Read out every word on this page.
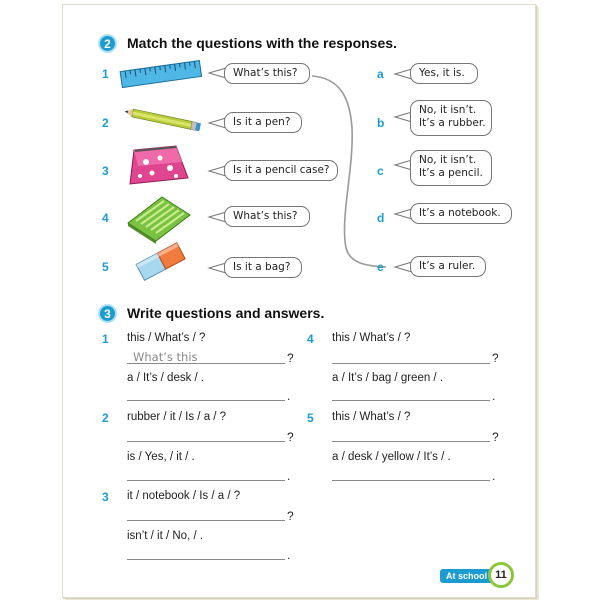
2	Match the questions with the responses.
1
2
3
4
5
What’s this?
Is it a pen?
Is it a pencil case?
What’s this?
Is it a bag?
a
b
c
d
e
Yes, it is.
No, it isn’t.
It’s a rubber.
No, it isn’t.
It’s a pencil.
It’s a notebook.
It’s a ruler.
3	Write questions and answers.
1 this / What’s / ?
What’s this	?
a / It’s / desk / .
.
2 rubber / it / Is / a / ?
?
is / Yes, / it / .
.
3 it / notebook / Is / a / ?
?
isn’t / it / No, / .
.
4 this / What’s / ?
?
a / It’s / bag / green / .
.
5 this / What’s / ?
?
a / desk / yellow / It’s / .
.
At school 11
